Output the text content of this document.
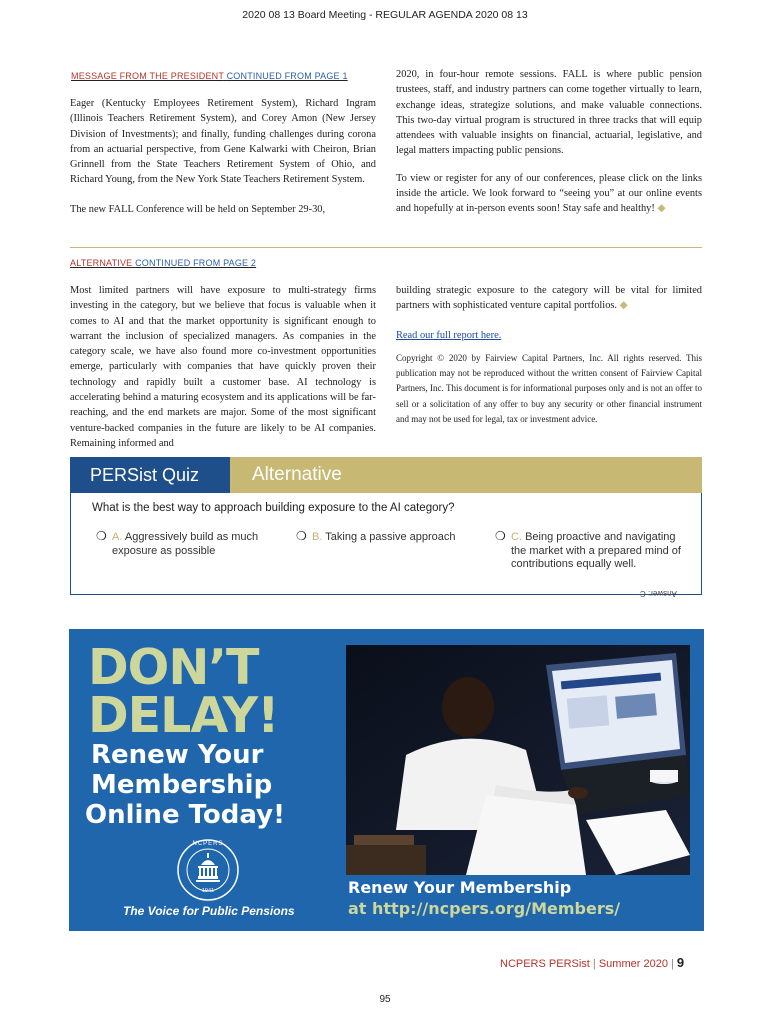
2020 08 13 Board Meeting - REGULAR AGENDA 2020 08 13
MESSAGE FROM THE PRESIDENT CONTINUED FROM PAGE 1

Eager (Kentucky Employees Retirement System), Richard Ingram (Illinois Teachers Retirement System), and Corey Amon (New Jersey Division of Investments); and finally, funding challenges during corona from an actuarial perspective, from Gene Kalwarki with Cheiron, Brian Grinnell from the State Teachers Retirement System of Ohio, and Richard Young, from the New York State Teachers Retirement System.

The new FALL Conference will be held on September 29-30,

2020, in four-hour remote sessions. FALL is where public pension trustees, staff, and industry partners can come together virtually to learn, exchange ideas, strategize solutions, and make valuable connections. This two-day virtual program is structured in three tracks that will equip attendees with valuable insights on financial, actuarial, legislative, and legal matters impacting public pensions.

To view or register for any of our conferences, please click on the links inside the article. We look forward to “seeing you” at our online events and hopefully at in-person events soon! Stay safe and healthy! ◆

ALTERNATIVE CONTINUED FROM PAGE 2

Most limited partners will have exposure to multi-strategy firms investing in the category, but we believe that focus is valuable when it comes to AI and that the market opportunity is significant enough to warrant the inclusion of specialized managers. As companies in the category scale, we have also found more co-investment opportunities emerge, particularly with companies that have quickly proven their technology and rapidly built a customer base. AI technology is accelerating behind a maturing ecosystem and its applications will be far-reaching, and the end markets are major. Some of the most significant venture-backed companies in the future are likely to be AI companies. Remaining informed and

building strategic exposure to the category will be vital for limited partners with sophisticated venture capital portfolios. ◆

Read our full report here.

Copyright © 2020 by Fairview Capital Partners, Inc. All rights reserved. This publication may not be reproduced without the written consent of Fairview Capital Partners, Inc. This document is for informational purposes only and is not an offer to sell or a solicitation of any offer to buy any security or other financial instrument and may not be used for legal, tax or investment advice.

PERSist Quiz	Alternative
What is the best way to approach building exposure to the AI category?
❍ A. Aggressively build as much exposure as possible
❍ B. Taking a passive approach	❍ C. Being proactive and navigating the market with a prepared mind of contributions equally well.
Answer: C
DON’T
DELAY!
Renew Your
Membership
Online Today!
NCPERS
1941
The Voice for Public Pensions
Renew Your Membership
at http://ncpers.org/Members/
NCPERS PERSist | Summer 2020 | 9
95
